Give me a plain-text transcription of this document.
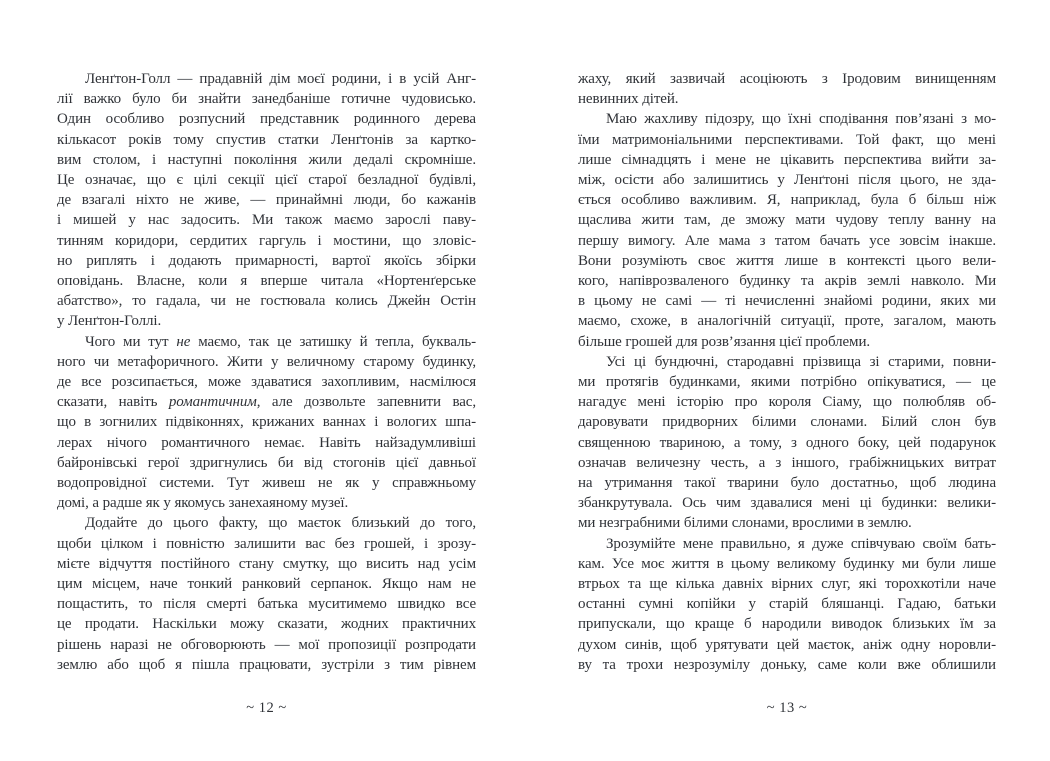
Ленґтон-Голл — прадавній дім моєї родини, і в усій Анг-
лії важко було би знайти занедбаніше готичне чудовисько.
Один особливо розпусний представник родинного дерева
кількасот років тому спустив статки Ленґтонів за картко-
вим столом, і наступні покоління жили дедалі скромніше.
Це означає, що є цілі секції цієї старої безладної будівлі,
де взагалі ніхто не живе, — принаймні люди, бо кажанів
і мишей у нас задосить. Ми також маємо зарослі паву-
тинням коридори, сердитих гаргуль і мостини, що зловіс-
но риплять і додають примарності, вартої якоїсь збірки
оповідань. Власне, коли я вперше читала «Нортенґерське
абатство», то гадала, чи не гостювала колись Джейн Остін
у Ленґтон-Голлі.
Чого ми тут не маємо, так це затишку й тепла, букваль-
ного чи метафоричного. Жити у величному старому будинку,
де все розсипається, може здаватися захопливим, насмілюся
сказати, навіть романтичним, але дозвольте запевнити вас,
що в зогнилих підвіконнях, крижаних ваннах і вологих шпа-
лерах нічого романтичного немає. Навіть найзадумливіші
байронівські герої здригнулись би від стогонів цієї давньої
водопровідної системи. Тут живеш не як у справжньому
домі, а радше як у якомусь занехаяному музеї.
Додайте до цього факту, що маєток близький до того,
щоби цілком і повністю залишити вас без грошей, і зрозу-
мієте відчуття постійного стану смутку, що висить над усім
цим місцем, наче тонкий ранковий серпанок. Якщо нам не
пощастить, то після смерті батька муситимемо швидко все
це продати. Наскільки можу сказати, жодних практичних
рішень наразі не обговорюють — мої пропозиції розпродати
землю або щоб я пішла працювати, зустріли з тим рівнем
~ 12 ~
жаху, який зазвичай асоціюють з Іродовим винищенням
невинних дітей.
Маю жахливу підозру, що їхні сподівання пов’язані з мо-
їми матримоніальними перспективами. Той факт, що мені
лише сімнадцять і мене не цікавить перспектива вийти за-
між, осісти або залишитись у Ленґтоні після цього, не зда-
ється особливо важливим. Я, наприклад, була б більш ніж
щаслива жити там, де зможу мати чудову теплу ванну на
першу вимогу. Але мама з татом бачать усе зовсім інакше.
Вони розуміють своє життя лише в контексті цього вели-
кого, напіврозваленого будинку та акрів землі навколо. Ми
в цьому не самі — ті нечисленні знайомі родини, яких ми
маємо, схоже, в аналогічній ситуації, проте, загалом, мають
більше грошей для розв’язання цієї проблеми.
Усі ці бундючні, стародавні прізвища зі старими, повни-
ми протягів будинками, якими потрібно опікуватися, — це
нагадує мені історію про короля Сіаму, що полюбляв об-
даровувати придворних білими слонами. Білий слон був
священною твариною, а тому, з одного боку, цей подарунок
означав величезну честь, а з іншого, грабіжницьких витрат
на утримання такої тварини було достатньо, щоб людина
збанкрутувала. Ось чим здавалися мені ці будинки: велики-
ми незграбними білими слонами, врослими в землю.
Зрозумійте мене правильно, я дуже співчуваю своїм бать-
кам. Усе моє життя в цьому великому будинку ми були лише
втрьох та ще кілька давніх вірних слуг, які торохкотіли наче
останні сумні копійки у старій бляшанці. Гадаю, батьки
припускали, що краще б народили виводок близьких їм за
духом синів, щоб урятувати цей маєток, аніж одну норовли-
ву та трохи незрозумілу доньку, саме коли вже облишили
~ 13 ~
